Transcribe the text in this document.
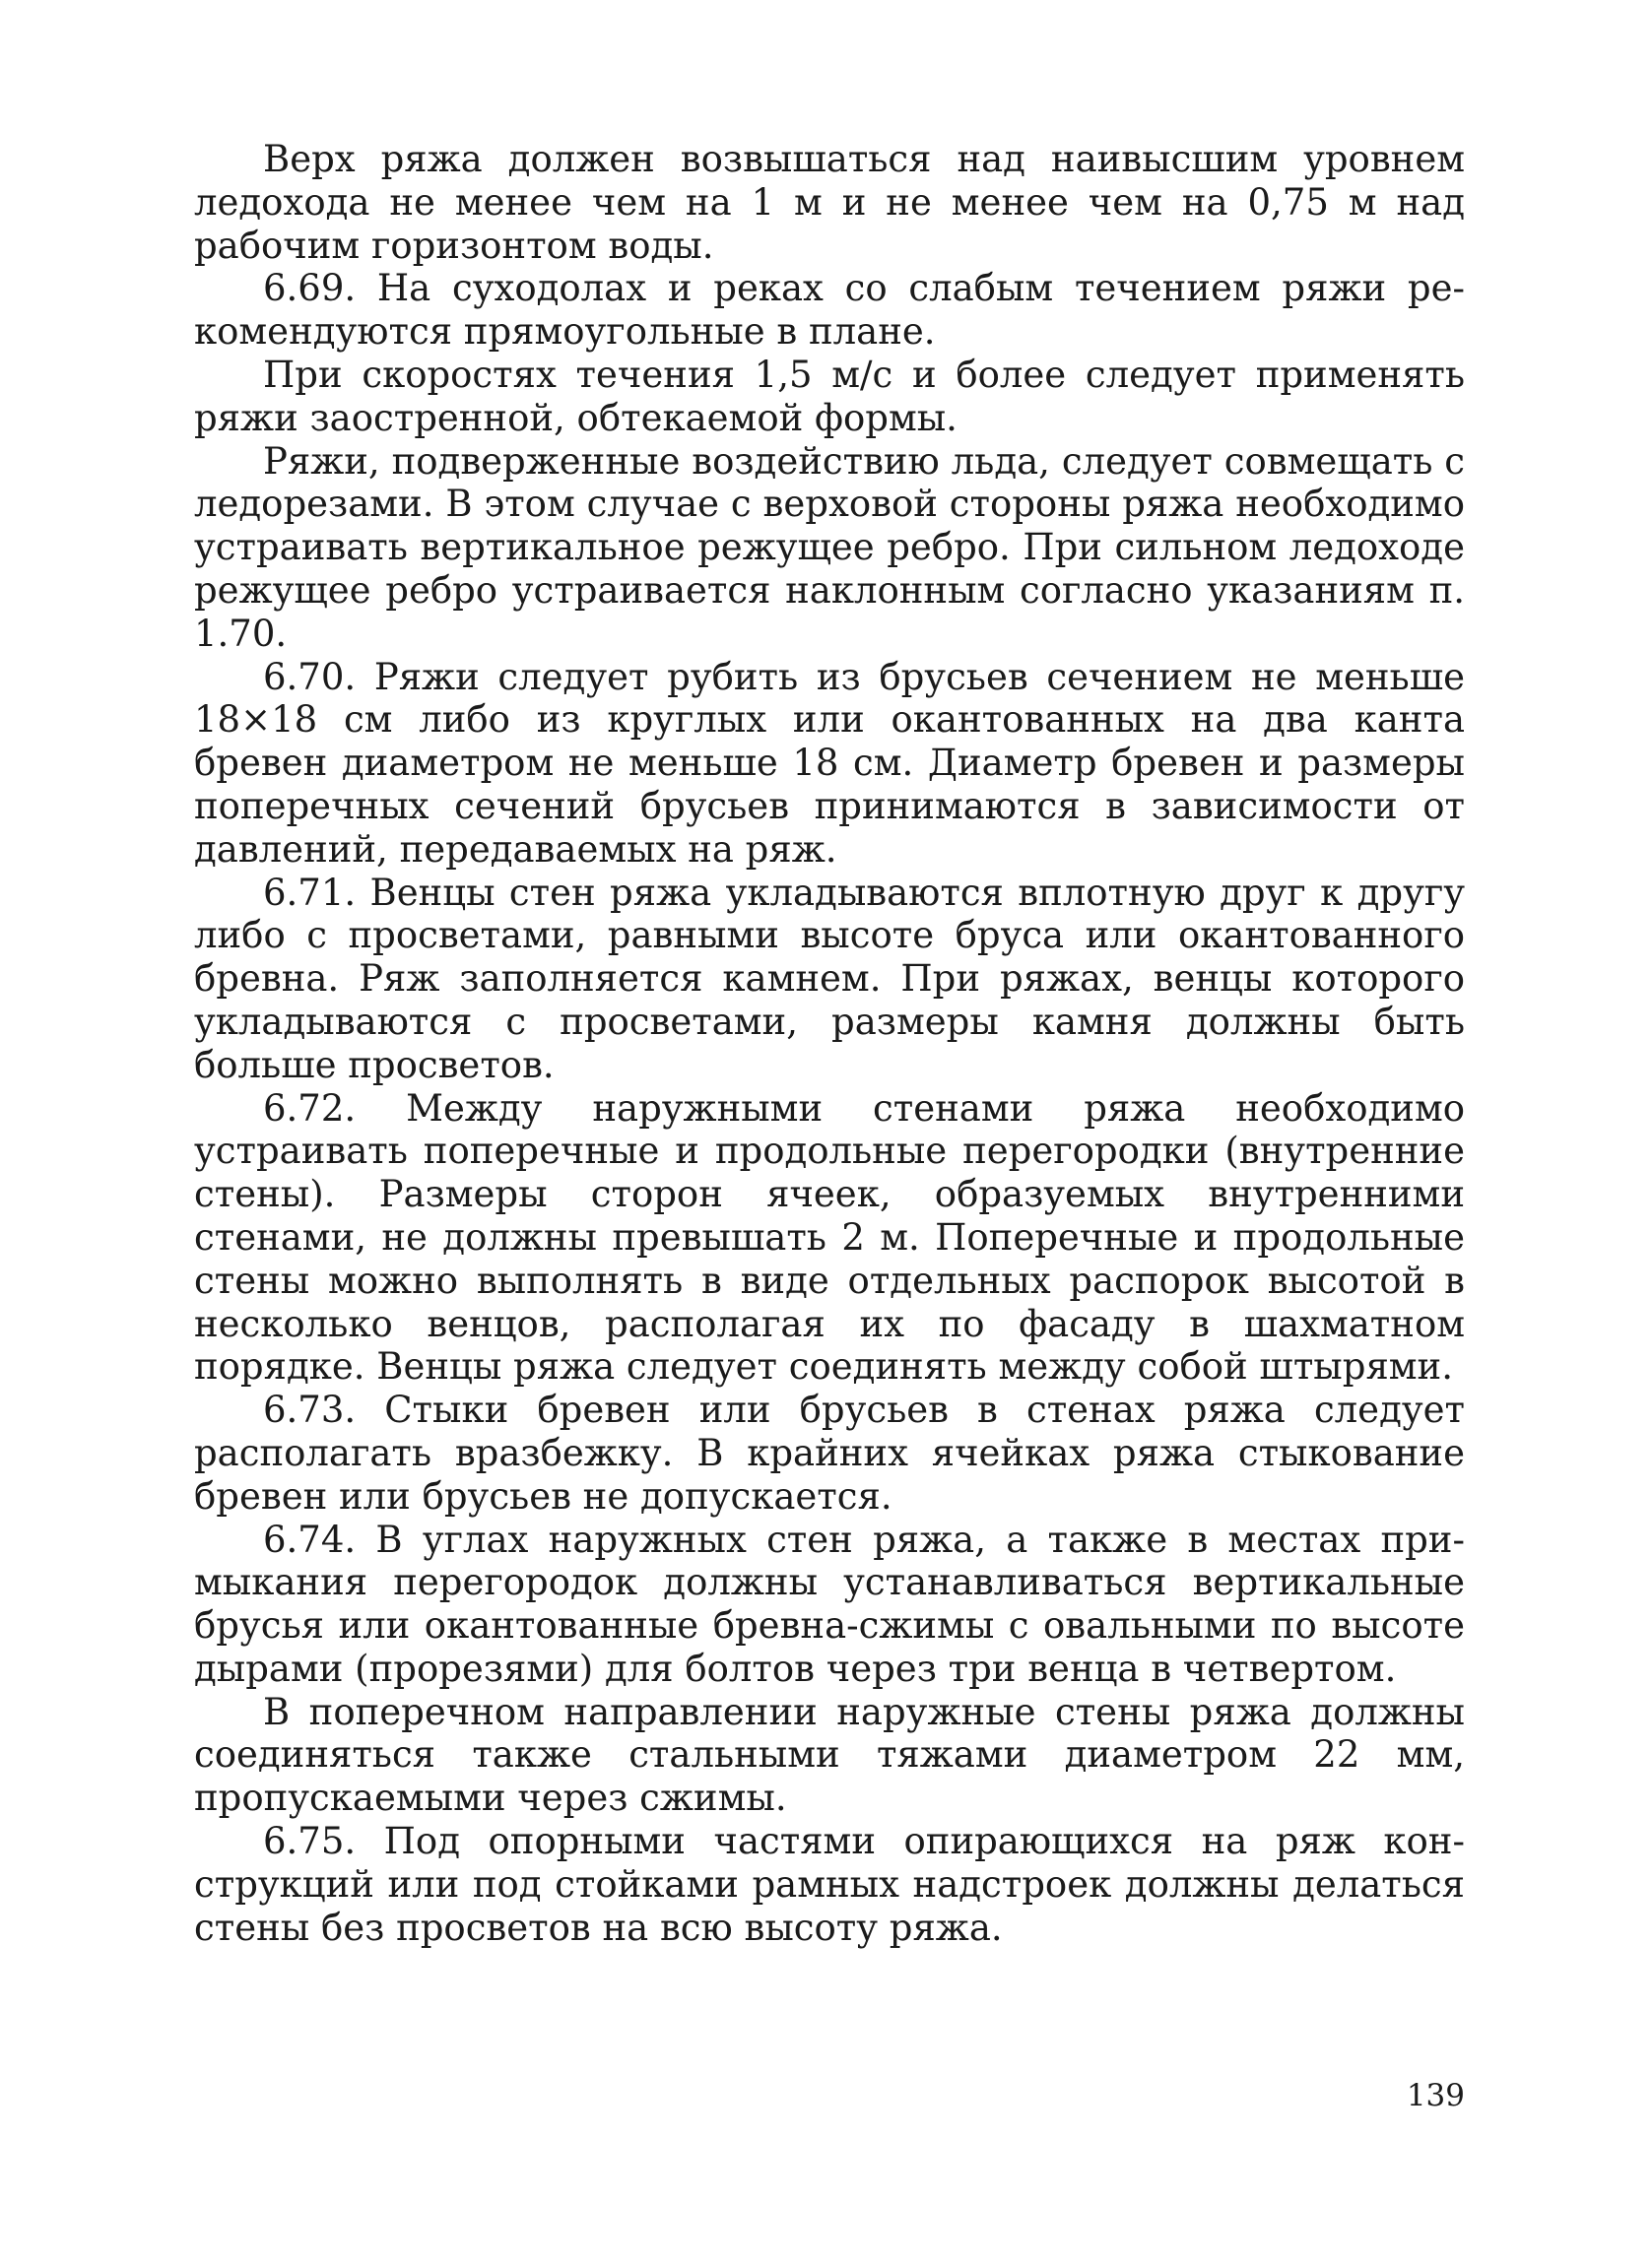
Верх ряжа должен возвышаться над наивысшим уровнем ледохода не менее чем на 1 м и не менее чем на 0,75 м над рабочим горизонтом воды.

6.69. На суходолах и реках со слабым течением ряжи рекомендуются прямоугольные в плане.

При скоростях течения 1,5 м/с и более следует применять ряжи заостренной, обтекаемой формы.

Ряжи, подверженные воздействию льда, следует совмещать с ледорезами. В этом случае с верховой стороны ряжа необходимо устраивать вертикальное режущее ребро. При сильном ледоходе режущее ребро устраивается наклонным согласно указаниям п. 1.70.

6.70. Ряжи следует рубить из брусьев сечением не меньше 18×18 см либо из круглых или окантованных на два канта бревен диаметром не меньше 18 см. Диаметр бревен и размеры поперечных сечений брусьев принимаются в зависимости от давлений, передаваемых на ряж.

6.71. Венцы стен ряжа укладываются вплотную друг к другу либо с просветами, равными высоте бруса или окантованного бревна. Ряж заполняется камнем. При ряжах, венцы которого укладываются с просветами, размеры камня должны быть больше просветов.

6.72. Между наружными стенами ряжа необходимо устраивать поперечные и продольные перегородки (внутренние стены). Размеры сторон ячеек, образуемых внутренними стенами, не должны превышать 2 м. Поперечные и продольные стены можно выполнять в виде отдельных распорок высотой в несколько венцов, располагая их по фасаду в шахматном порядке. Венцы ряжа следует соединять между собой штырями.

6.73. Стыки бревен или брусьев в стенах ряжа следует располагать вразбежку. В крайних ячейках ряжа стыкование бревен или брусьев не допускается.

6.74. В углах наружных стен ряжа, а также в местах примыкания перегородок должны устанавливаться вертикальные брусья или окантованные бревна-сжимы с овальными по высоте дырами (прорезями) для болтов через три венца в четвертом.

В поперечном направлении наружные стены ряжа должны соединяться также стальными тяжами диаметром 22 мм, пропускаемыми через сжимы.

6.75. Под опорными частями опирающихся на ряж конструкций или под стойками рамных надстроек должны делаться стены без просветов на всю высоту ряжа.

139
